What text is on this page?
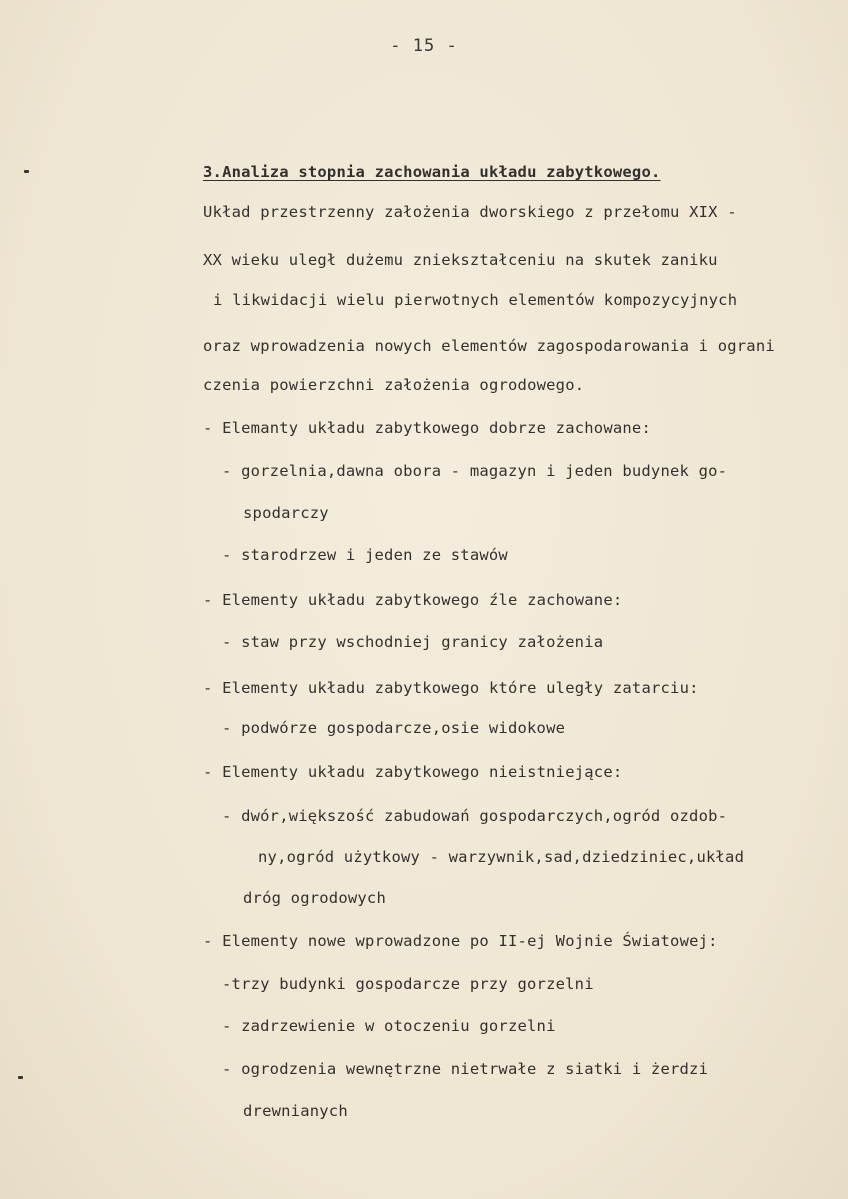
- 15 -
3.Analiza stopnia zachowania układu zabytkowego.
Układ przestrzenny założenia dworskiego z przełomu XIX -
XX wieku uległ dużemu zniekształceniu na skutek zaniku
i likwidacji wielu pierwotnych elementów kompozycyjnych
oraz wprowadzenia nowych elementów zagospodarowania i ograni
czenia powierzchni założenia ogrodowego.
- Elemanty układu zabytkowego dobrze zachowane:
- gorzelnia,dawna obora - magazyn i jeden budynek go-
spodarczy
- starodrzew i jeden ze stawów
- Elementy układu zabytkowego źle zachowane:
- staw przy wschodniej granicy założenia
- Elementy układu zabytkowego które uległy zatarciu:
- podwórze gospodarcze,osie widokowe
- Elementy układu zabytkowego nieistniejące:
- dwór,większość zabudowań gospodarczych,ogród ozdob-
ny,ogród użytkowy - warzywnik,sad,dziedziniec,układ
dróg ogrodowych
- Elementy nowe wprowadzone po II-ej Wojnie Światowej:
-trzy budynki gospodarcze przy gorzelni
- zadrzewienie w otoczeniu gorzelni
- ogrodzenia wewnętrzne nietrwałe z siatki i żerdzi
drewnianych
